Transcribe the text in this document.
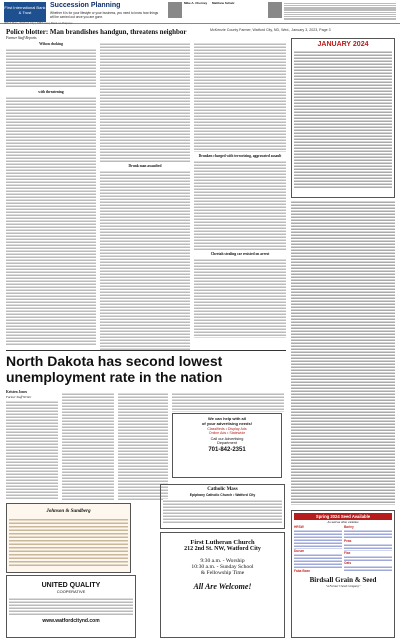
First International Bank & Trust
Succession Planning
Whether it is for your lifestyle or your business, you need to know how things will be carried out once you are gone.
Mike A. Cherney	Matthew Schatz
305 6 Main, Watford City | FIBT.com | Bank on Purpose
McKenzie County Farmer, Watford City, ND, Wed., January 3, 2023, Page 3
Police blotter: Man brandishes handgun, threatens neighbor
Farmer Staff Reports
Wilson choking
with threatening
Drunk man assaulted
Drunken charged with terrorizing, aggravated assault
Cheetah stealing car resisted on arrest
JANUARY 2024
North Dakota has second lowest unemployment rate in the nation
Kristen Jones
Farmer Staff Writer
We can help with all
of your advertising needs!
Classifieds • Display Ads
Online Ads • Statewide
Call our Advertising
Department
701-842-2351
Catholic Mass
Epiphany Catholic Church • Watford City
First Lutheran Church
212 2nd St. NW, Watford City
9:30 a.m. - Worship
10:30 a.m. - Sunday School
& Fellowship Time
All Are Welcome!
Johnson & Sundberg
UNITED QUALITY
COOPERATIVE
www.watfordcitynd.com
Spring 2024 Seed Available
As well as other varieties
HRSW
Durum
Faba Bean
Barley
Peas
Flax
Oats
Birdsall Grain & Seed
"A Farmer's Seed Company"
